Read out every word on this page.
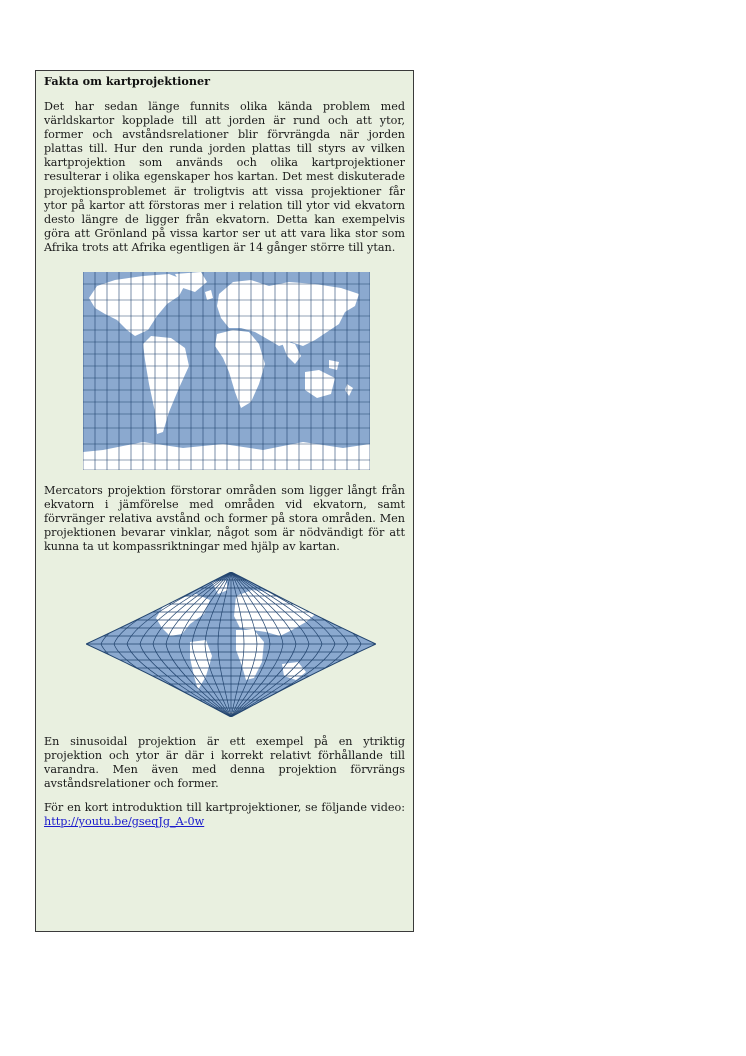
Fakta om kartprojektioner

Det har sedan länge funnits olika kända problem med världskartor kopplade till att jorden är rund och att ytor, former och avståndsrelationer blir förvrängda när jorden plattas till. Hur den runda jorden plattas till styrs av vilken kartprojektion som används och olika kartprojektioner resulterar i olika egenskaper hos kartan. Det mest diskuterade projektionsproblemet är troligtvis att vissa projektioner får ytor på kartor att förstoras mer i relation till ytor vid ekvatorn desto längre de ligger från ekvatorn. Detta kan exempelvis göra att Grönland på vissa kartor ser ut att vara lika stor som Afrika trots att Afrika egentligen är 14 gånger större till ytan.

Mercators projektion förstorar områden som ligger långt från ekvatorn i jämförelse med områden vid ekvatorn, samt förvränger relativa avstånd och former på stora områden. Men projektionen bevarar vinklar, något som är nödvändigt för att kunna ta ut kompassriktningar med hjälp av kartan.

En sinusoidal projektion är ett exempel på en ytriktig projektion och ytor är där i korrekt relativt förhållande till varandra. Men även med denna projektion förvrängs avståndsrelationer och former.

För en kort introduktion till kartprojektioner, se följande video: http://youtu.be/gseqJg_A-0w
